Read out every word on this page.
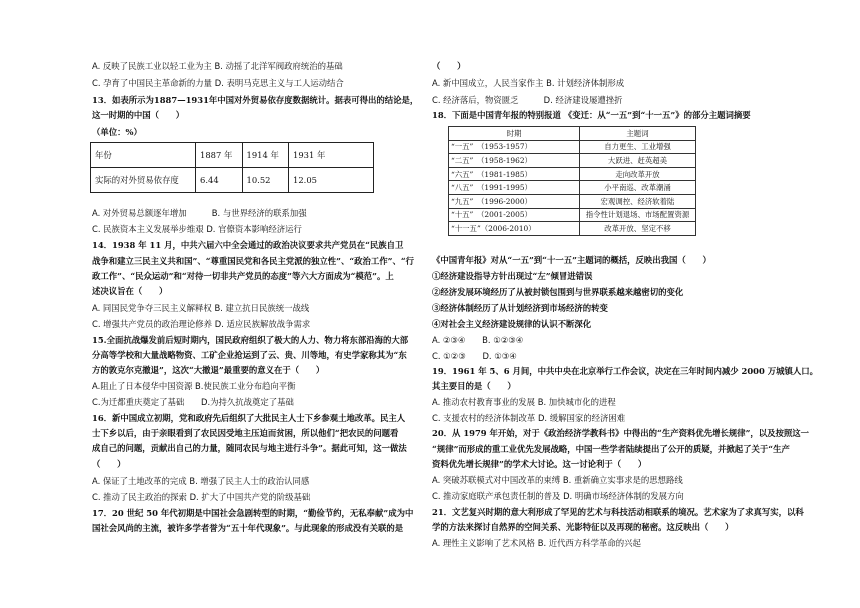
A. 反映了民族工业以轻工业为主 B. 动摇了北洋军阀政府统治的基础
C. 孕育了中国民主革命新的力量 D. 表明马克思主义与工人运动结合
13．如表所示为1887—1931年中国对外贸易依存度数据统计。据表可得出的结论是，
这一时期的中国（　　）
（单位：%）
年份	1887 年	1914 年	1931 年
实际的对外贸易依存度	6.44	10.52	12.05
A. 对外贸易总额逐年增加　　　B. 与世界经济的联系加强
C. 民族资本主义发展举步维艰 D. 官僚资本影响经济运行
14．1938 年 11 月，中共六届六中全会通过的政治决议要求共产党员在“民族自卫
战争和建立三民主义共和国”、“尊重国民党和各民主党派的独立性”、“政治工作”、“行
政工作”、“民众运动”和“对待一切非共产党员的态度”等六大方面成为“模范”。上
述决议旨在（　　）
A. 同国民党争夺三民主义解释权 B. 建立抗日民族统一战线
C. 增强共产党员的政治理论修养 D. 适应民族解放战争需求
15.全面抗战爆发前后短时期内，国民政府组织了极大的人力、物力将东部沿海的大部
分高等学校和大量战略物资、工矿企业抢运到了云、贵、川等地，有史学家称其为“东
方的敦克尔克撤退”，这次“大撤退”最重要的意义在于（　　）
A.阻止了日本侵华中国资源 B.使民族工业分布趋向平衡
C.为迁都重庆奠定了基础　　D.为持久抗战奠定了基础
16．新中国成立初期，党和政府先后组织了大批民主人士下乡参观土地改革。民主人
士下乡以后，由于亲眼看到了农民因受地主压迫而贫困，所以他们“把农民的问题看
成自己的问题，贡献出自己的力量，随同农民与地主进行斗争”。据此可知，这一做法
（　　）
A. 保证了土地改革的完成 B. 增强了民主人士的政治认同感
C. 推动了民主政治的探索 D. 扩大了中国共产党的阶级基础
17．20 世纪 50 年代初期是中国社会急剧转型的时期，“勤俭节约，无私奉献”成为中
国社会风尚的主流，被许多学者誉为“五十年代现象”。与此现象的形成没有关联的是
（　　）
A. 新中国成立，人民当家作主 B. 计划经济体制形成
C. 经济落后，物资匮乏　　　D. 经济建设屡遭挫折
18．下面是中国青年报的特别报道 《变迁：从“一五”到“十一五”》的部分主题词摘要
时期	主题词
“一五”　（1953-1957）	自力更生、工业增强
“二五”　（1958-1962）	大跃进、赶英超美
“六五”　（1981-1985）	走向改革开放
“八五”　（1991-1995）	小平南巡、改革潮涌
“九五”　（1996-2000）	宏观调控、经济软着陆
“十五”　（2001-2005）	指令性计划退场、市场配置资源
“十一五”（2006-2010）	改革开放、坚定不移
《中国青年报》对从“一五”到“十一五”主题词的概括，反映出我国（　　）
①经济建设指导方针出现过“左”倾冒进错误
②经济发展环境经历了从被封锁包围到与世界联系越来越密切的变化
③经济体制经历了从计划经济到市场经济的转变
④对社会主义经济建设规律的认识不断深化
A. ②③④　　B. ①②③④
C. ①②③　　D. ①③④
19．1961 年 5、6 月间，中共中央在北京举行工作会议，决定在三年时间内减少 2000 万城镇人口。
其主要目的是（　　）
A. 推动农村教育事业的发展 B. 加快城市化的进程
C. 支援农村的经济体制改革 D. 缓解国家的经济困难
20．从 1979 年开始，对于《政治经济学教科书》中得出的“生产资料优先增长规律”，以及按照这一
“规律”而形成的重工业优先发展战略，中国一些学者陆续提出了公开的质疑，并掀起了关于“生产
资料优先增长规律”的学术大讨论。这一讨论利于（　　）
A. 突破苏联模式对中国改革的束缚 B. 重新确立实事求是的思想路线
C. 推动家庭联产承包责任制的普及 D. 明确市场经济体制的发展方向
21．文艺复兴时期的意大利形成了罕见的艺术与科技活动相联系的境况。艺术家为了求真写实，以科
学的方法来探讨自然界的空间关系、光影特征以及再现的秘密。这反映出（　　）
A. 理性主义影响了艺术风格 B. 近代西方科学革命的兴起
